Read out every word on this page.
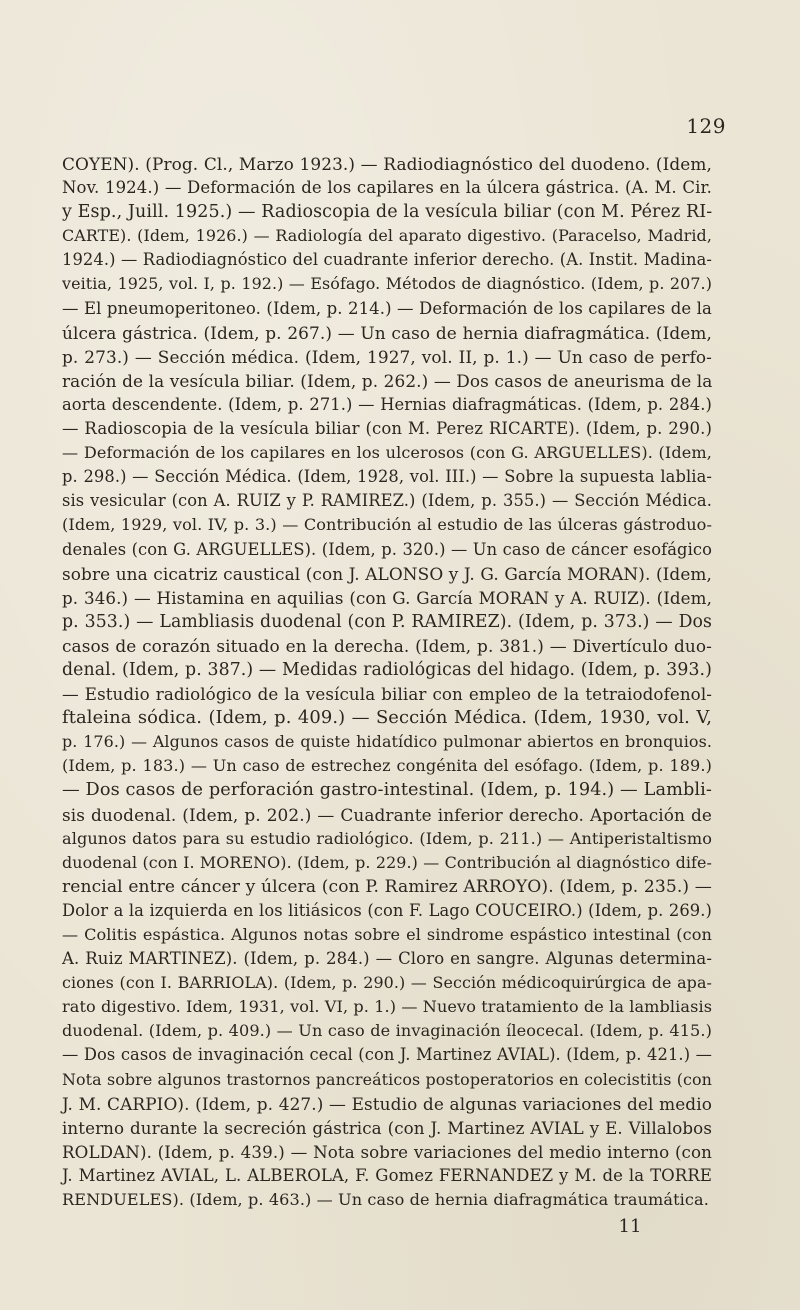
129
COYEN). (Prog. Cl., Marzo 1923.) — Radiodiagnóstico del duodeno. (Idem,
Nov. 1924.) — Deformación de los capilares en la úlcera gástrica. (A. M. Cir.
y Esp., Juill. 1925.) — Radioscopia de la vesícula biliar (con M. Pérez RI-
CARTE). (Idem, 1926.) — Radiología del aparato digestivo. (Paracelso, Madrid,
1924.) — Radiodiagnóstico del cuadrante inferior derecho. (A. Instit. Madina-
veitia, 1925, vol. I, p. 192.) — Esófago. Métodos de diagnóstico. (Idem, p. 207.)
— El pneumoperitoneo. (Idem, p. 214.) — Deformación de los capilares de la
úlcera gástrica. (Idem, p. 267.) — Un caso de hernia diafragmática. (Idem,
p. 273.) — Sección médica. (Idem, 1927, vol. II, p. 1.) — Un caso de perfo-
ración de la vesícula biliar. (Idem, p. 262.) — Dos casos de aneurisma de la
aorta descendente. (Idem, p. 271.) — Hernias diafragmáticas. (Idem, p. 284.)
— Radioscopia de la vesícula biliar (con M. Perez RICARTE). (Idem, p. 290.)
— Deformación de los capilares en los ulcerosos (con G. ARGUELLES). (Idem,
p. 298.) — Sección Médica. (Idem, 1928, vol. III.) — Sobre la supuesta lablia-
sis vesicular (con A. RUIZ y P. RAMIREZ.) (Idem, p. 355.) — Sección Médica.
(Idem, 1929, vol. IV, p. 3.) — Contribución al estudio de las úlceras gástroduo-
denales (con G. ARGUELLES). (Idem, p. 320.) — Un caso de cáncer esofágico
sobre una cicatriz caustical (con J. ALONSO y J. G. García MORAN). (Idem,
p. 346.) — Histamina en aquilias (con G. García MORAN y A. RUIZ). (Idem,
p. 353.) — Lambliasis duodenal (con P. RAMIREZ). (Idem, p. 373.) — Dos
casos de corazón situado en la derecha. (Idem, p. 381.) — Divertículo duo-
denal. (Idem, p. 387.) — Medidas radiológicas del hidago. (Idem, p. 393.)
— Estudio radiológico de la vesícula biliar con empleo de la tetraiodofenol-
ftaleina sódica. (Idem, p. 409.) — Sección Médica. (Idem, 1930, vol. V,
p. 176.) — Algunos casos de quiste hidatídico pulmonar abiertos en bronquios.
(Idem, p. 183.) — Un caso de estrechez congénita del esófago. (Idem, p. 189.)
— Dos casos de perforación gastro-intestinal. (Idem, p. 194.) — Lambli-
sis duodenal. (Idem, p. 202.) — Cuadrante inferior derecho. Aportación de
algunos datos para su estudio radiológico. (Idem, p. 211.) — Antiperistaltismo
duodenal (con I. MORENO). (Idem, p. 229.) — Contribución al diagnóstico dife-
rencial entre cáncer y úlcera (con P. Ramirez ARROYO). (Idem, p. 235.) —
Dolor a la izquierda en los litiásicos (con F. Lago COUCEIRO.) (Idem, p. 269.)
— Colitis espástica. Algunos notas sobre el sindrome espástico intestinal (con
A. Ruiz MARTINEZ). (Idem, p. 284.) — Cloro en sangre. Algunas determina-
ciones (con I. BARRIOLA). (Idem, p. 290.) — Sección médicoquirúrgica de apa-
rato digestivo. Idem, 1931, vol. VI, p. 1.) — Nuevo tratamiento de la lambliasis
duodenal. (Idem, p. 409.) — Un caso de invaginación íleocecal. (Idem, p. 415.)
— Dos casos de invaginación cecal (con J. Martinez AVIAL). (Idem, p. 421.) —
Nota sobre algunos trastornos pancreáticos postoperatorios en colecistitis (con
J. M. CARPIO). (Idem, p. 427.) — Estudio de algunas variaciones del medio
interno durante la secreción gástrica (con J. Martinez AVIAL y E. Villalobos
ROLDAN). (Idem, p. 439.) — Nota sobre variaciones del medio interno (con
J. Martinez AVIAL, L. ALBEROLA, F. Gomez FERNANDEZ y M. de la TORRE
RENDUELES). (Idem, p. 463.) — Un caso de hernia diafragmática traumática.
11
